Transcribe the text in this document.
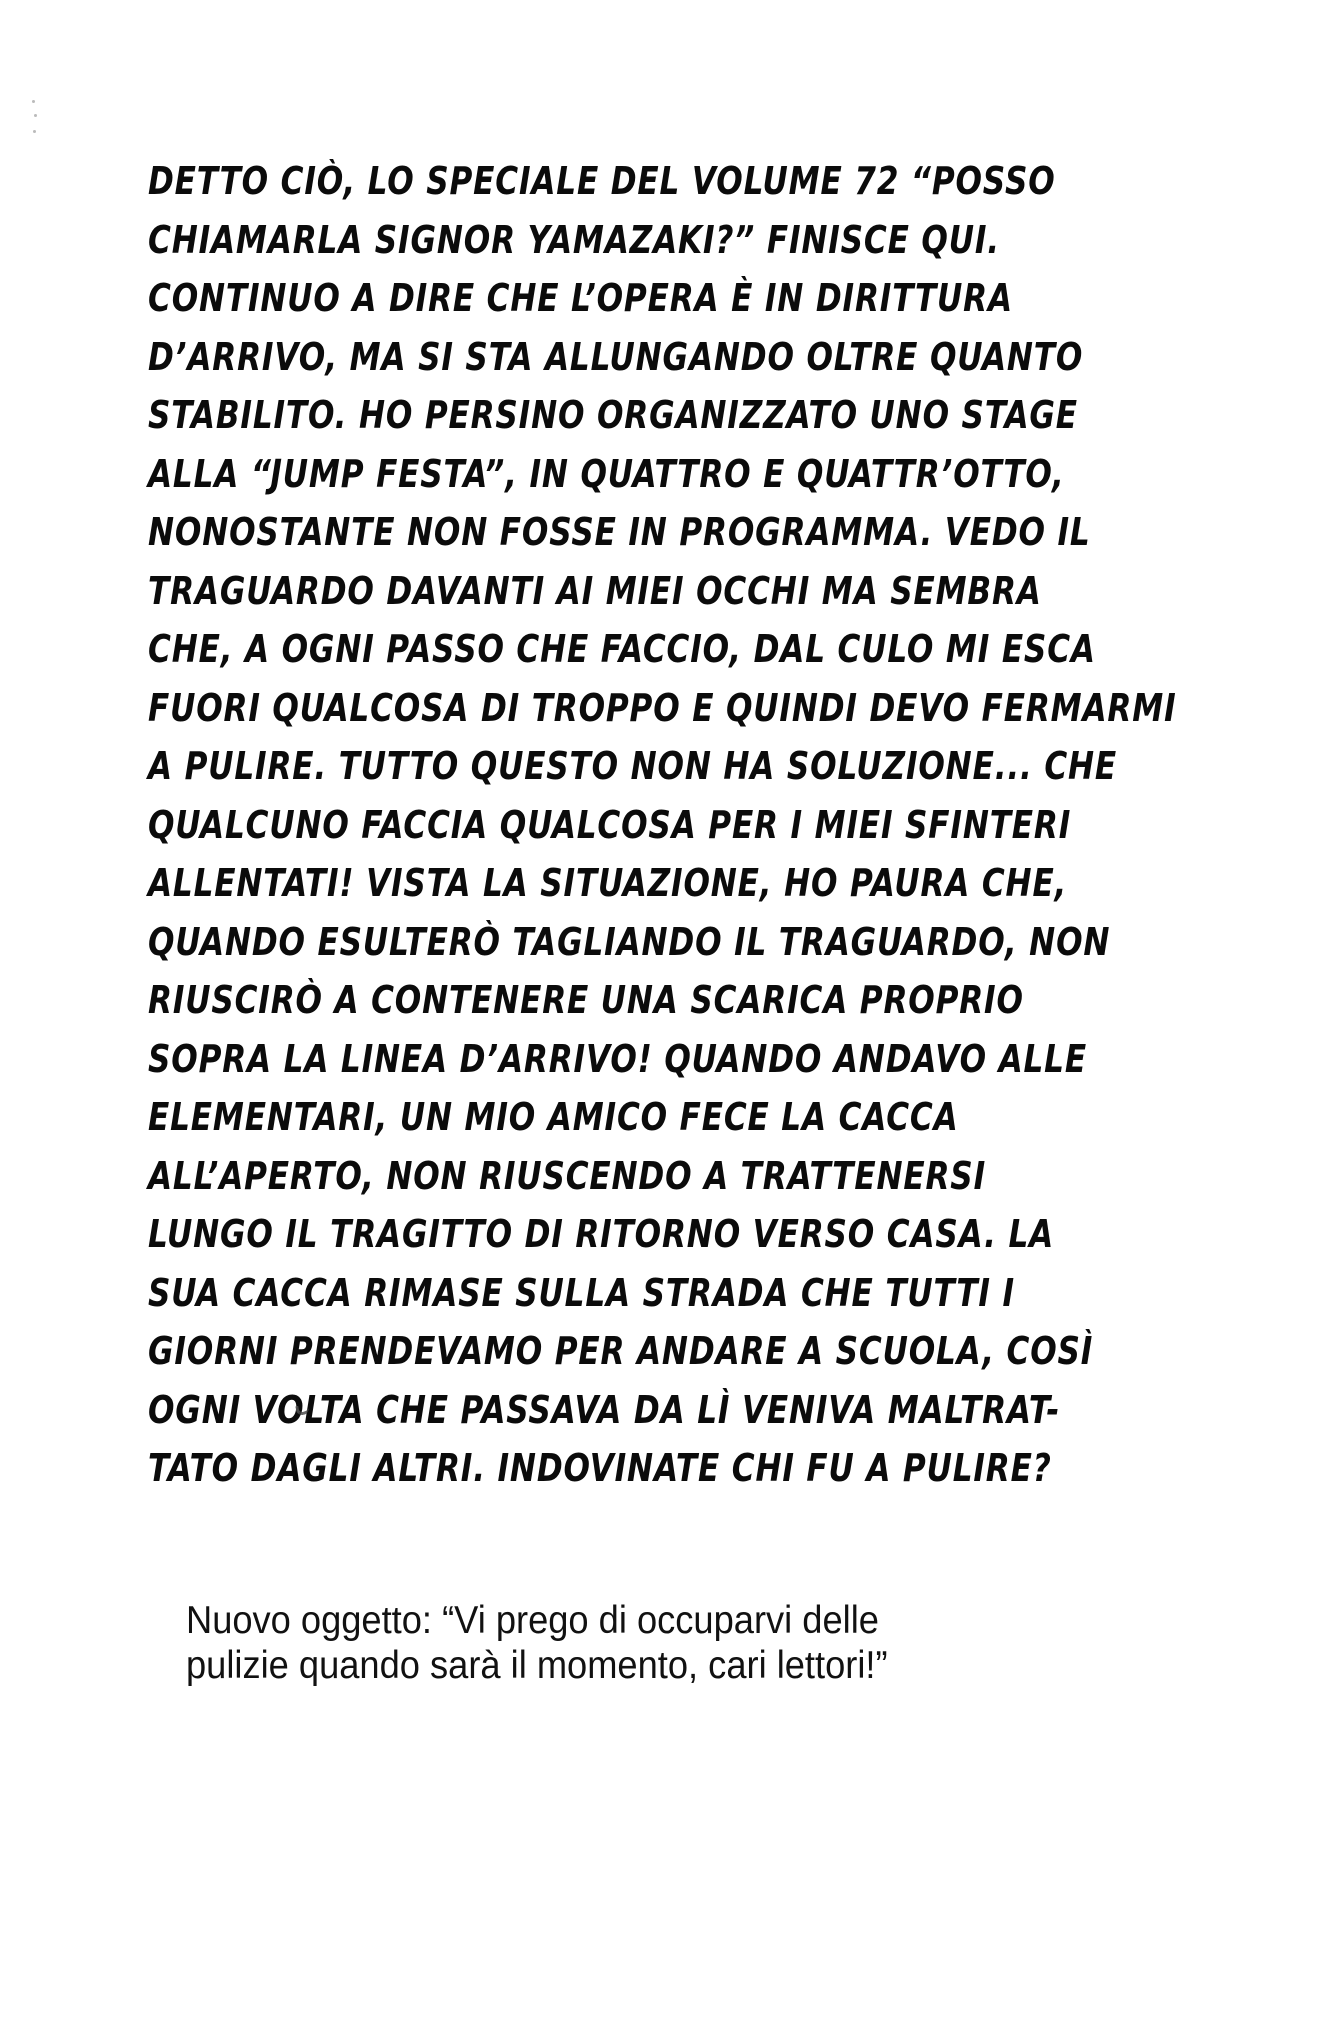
DETTO CIÒ, LO SPECIALE DEL VOLUME 72 “POSSO
CHIAMARLA SIGNOR YAMAZAKI?” FINISCE QUI.
CONTINUO A DIRE CHE L’OPERA È IN DIRITTURA
D’ARRIVO, MA SI STA ALLUNGANDO OLTRE QUANTO
STABILITO. HO PERSINO ORGANIZZATO UNO STAGE
ALLA “JUMP FESTA”, IN QUATTRO E QUATTR’OTTO,
NONOSTANTE NON FOSSE IN PROGRAMMA. VEDO IL
TRAGUARDO DAVANTI AI MIEI OCCHI MA SEMBRA
CHE, A OGNI PASSO CHE FACCIO, DAL CULO MI ESCA
FUORI QUALCOSA DI TROPPO E QUINDI DEVO FERMARMI
A PULIRE. TUTTO QUESTO NON HA SOLUZIONE... CHE
QUALCUNO FACCIA QUALCOSA PER I MIEI SFINTERI
ALLENTATI! VISTA LA SITUAZIONE, HO PAURA CHE,
QUANDO ESULTERÒ TAGLIANDO IL TRAGUARDO, NON
RIUSCIRÒ A CONTENERE UNA SCARICA PROPRIO
SOPRA LA LINEA D’ARRIVO! QUANDO ANDAVO ALLE
ELEMENTARI, UN MIO AMICO FECE LA CACCA
ALL’APERTO, NON RIUSCENDO A TRATTENERSI
LUNGO IL TRAGITTO DI RITORNO VERSO CASA. LA
SUA CACCA RIMASE SULLA STRADA CHE TUTTI I
GIORNI PRENDEVAMO PER ANDARE A SCUOLA, COSÌ
OGNI VOLTA CHE PASSAVA DA LÌ VENIVA MALTRAT-
TATO DAGLI ALTRI. INDOVINATE CHI FU A PULIRE?
Nuovo oggetto: “Vi prego di occuparvi delle
pulizie quando sarà il momento, cari lettori!”
